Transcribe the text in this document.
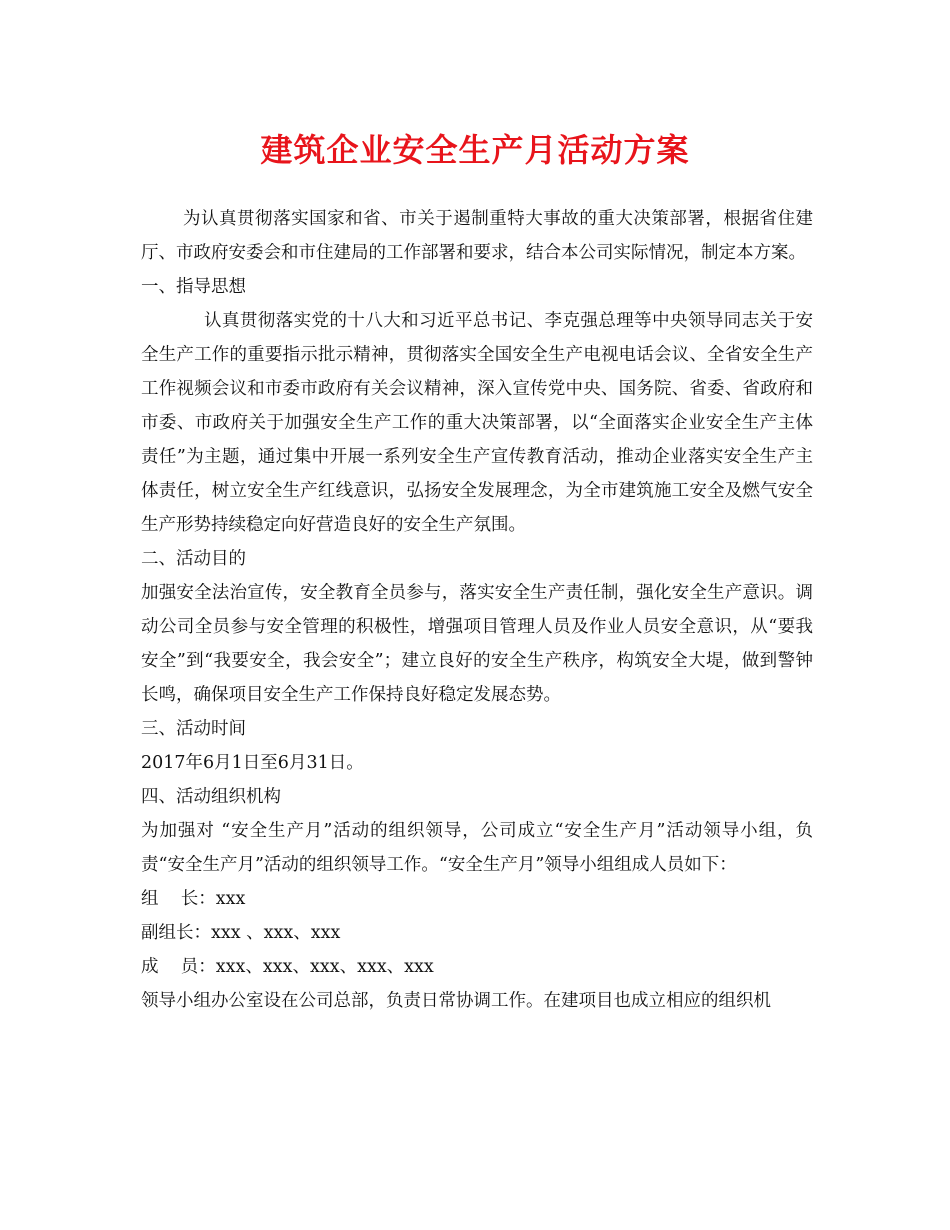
建筑企业安全生产月活动方案

为认真贯彻落实国家和省、市关于遏制重特大事故的重大决策部署，根据省住建厅、市政府安委会和市住建局的工作部署和要求，结合本公司实际情况，制定本方案。

一、指导思想

认真贯彻落实党的十八大和习近平总书记、李克强总理等中央领导同志关于安全生产工作的重要指示批示精神，贯彻落实全国安全生产电视电话会议、全省安全生产工作视频会议和市委市政府有关会议精神，深入宣传党中央、国务院、省委、省政府和市委、市政府关于加强安全生产工作的重大决策部署，以“全面落实企业安全生产主体责任”为主题，通过集中开展一系列安全生产宣传教育活动，推动企业落实安全生产主体责任，树立安全生产红线意识，弘扬安全发展理念，为全市建筑施工安全及燃气安全生产形势持续稳定向好营造良好的安全生产氛围。

二、活动目的

加强安全法治宣传，安全教育全员参与，落实安全生产责任制，强化安全生产意识。调动公司全员参与安全管理的积极性，增强项目管理人员及作业人员安全意识，从“要我安全”到“我要安全，我会安全”；建立良好的安全生产秩序，构筑安全大堤，做到警钟长鸣，确保项目安全生产工作保持良好稳定发展态势。

三、活动时间

2017年6月1日至6月31日。

四、活动组织机构

为加强对 “安全生产月”活动的组织领导，公司成立“安全生产月”活动领导小组，负责“安全生产月”活动的组织领导工作。“安全生产月”领导小组组成人员如下：

组    长：xxx

副组长：xxx 、xxx、xxx

成    员：xxx、xxx、xxx、xxx、xxx

领导小组办公室设在公司总部，负责日常协调工作。在建项目也成立相应的组织机
